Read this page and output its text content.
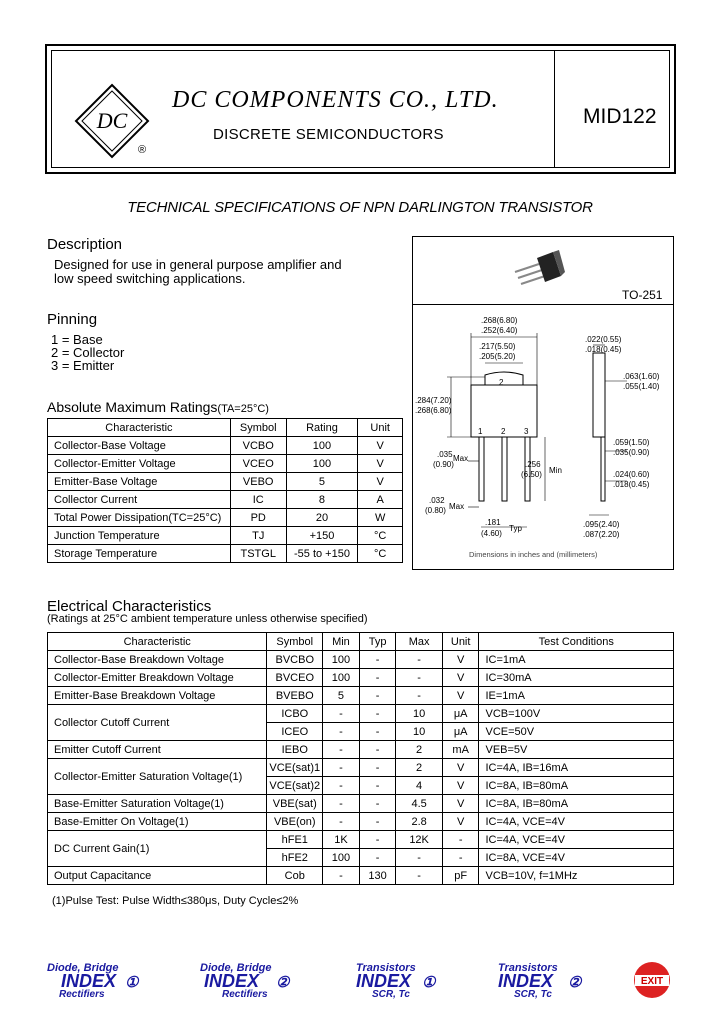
DC
®
DC COMPONENTS CO., LTD.
DISCRETE SEMICONDUCTORS
MID122
TECHNICAL SPECIFICATIONS OF NPN DARLINGTON TRANSISTOR
Description
Designed for use in general purpose amplifier and
low speed switching applications.
Pinning
1 = Base
2 = Collector
3 = Emitter
TO-251
.268(6.80)
.252(6.40)
.217(5.50)
.205(5.20)
2
.284(7.20)
.268(6.80)
1 2 3
.035
(0.90)
Max
.256
(6.50) Min
.032
(0.80) Max
.181
(4.60)
Typ
.022(0.55)
.018(0.45)
.063(1.60)
.055(1.40)
.059(1.50)
.035(0.90)
.024(0.60)
.018(0.45)
.095(2.40)
.087(2.20)
Dimensions in inches and (millimeters)
Absolute Maximum Ratings(TA=25°C)
Characteristic	Symbol	Rating	Unit
Collector-Base Voltage	VCBO	100	V
Collector-Emitter Voltage	VCEO	100	V
Emitter-Base Voltage	VEBO	5	V
Collector Current	IC	8	A
Total Power Dissipation(TC=25°C)	PD	20	W
Junction Temperature	TJ	+150	°C
Storage Temperature	TSTGL	-55 to +150	°C
Electrical Characteristics
(Ratings at 25°C ambient temperature unless otherwise specified)
Characteristic	Symbol	Min	Typ	Max	Unit	Test Conditions
Collector-Base Breakdown Voltage	BVCBO	100	-	-	V	IC=1mA
Collector-Emitter Breakdown Voltage	BVCEO	100	-	-	V	IC=30mA
Emitter-Base Breakdown Voltage	BVEBO	5	-	-	V	IE=1mA
Collector Cutoff Current	ICBO	-	-	10	μA	VCB=100V
	ICEO	-	-	10	μA	VCE=50V
Emitter Cutoff Current	IEBO	-	-	2	mA	VEB=5V
Collector-Emitter Saturation Voltage(1)	VCE(sat)1	-	-	2	V	IC=4A, IB=16mA
	VCE(sat)2	-	-	4	V	IC=8A, IB=80mA
Base-Emitter Saturation Voltage(1)	VBE(sat)	-	-	4.5	V	IC=8A, IB=80mA
Base-Emitter On Voltage(1)	VBE(on)	-	-	2.8	V	IC=4A, VCE=4V
DC Current Gain(1)	hFE1	1K	-	12K	-	IC=4A, VCE=4V
	hFE2	100	-	-	-	IC=8A, VCE=4V
Output Capacitance	Cob	-	130	-	pF	VCB=10V, f=1MHz
(1)Pulse Test: Pulse Width≤380μs, Duty Cycle≤2%
Diode, Bridge
INDEX ①
Rectifiers
Diode, Bridge
INDEX ②
Rectifiers
Transistors
INDEX ①
SCR, Tc
Transistors
INDEX ②
SCR, Tc
EXIT
